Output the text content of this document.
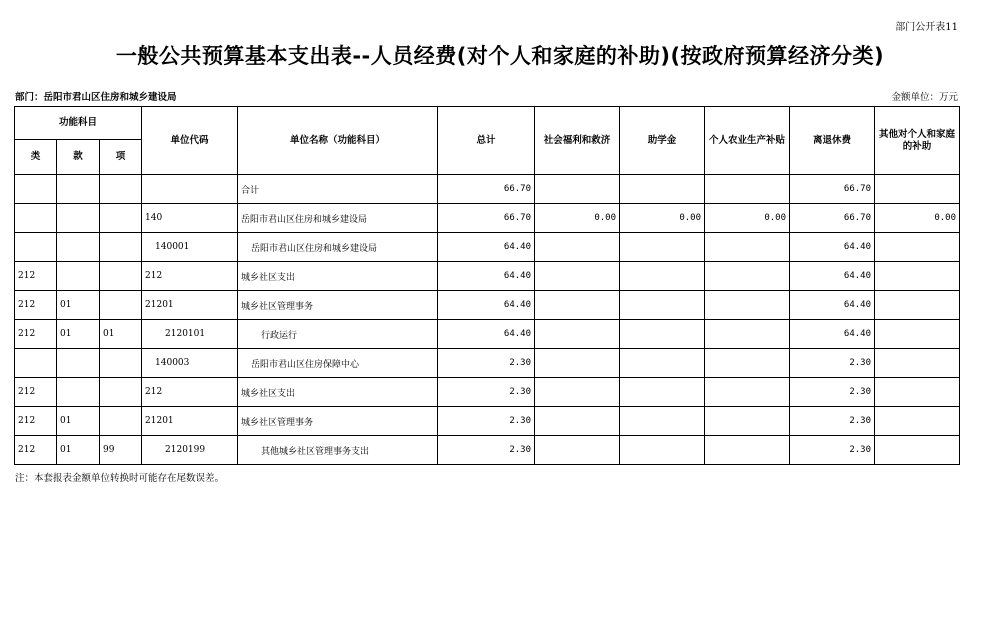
部门公开表11
一般公共预算基本支出表--人员经费(对个人和家庭的补助)(按政府预算经济分类)
部门：岳阳市君山区住房和城乡建设局	金额单位：万元
功能科目			单位代码	单位名称（功能科目）	总计	社会福利和救济	助学金	个人农业生产补贴	离退休费	其他对个人和家庭的补助
类	款	项								
				合计	66.70				66.70	
			140	岳阳市君山区住房和城乡建设局	66.70	0.00	0.00	0.00	66.70	0.00
			140001	岳阳市君山区住房和城乡建设局	64.40				64.40	
212			212	城乡社区支出	64.40				64.40	
212	01		21201	城乡社区管理事务	64.40				64.40	
212	01	01	2120101	行政运行	64.40				64.40	
			140003	岳阳市君山区住房保障中心	2.30				2.30	
212			212	城乡社区支出	2.30				2.30	
212	01		21201	城乡社区管理事务	2.30				2.30	
212	01	99	2120199	其他城乡社区管理事务支出	2.30				2.30	
注：本套报表金额单位转换时可能存在尾数误差。
